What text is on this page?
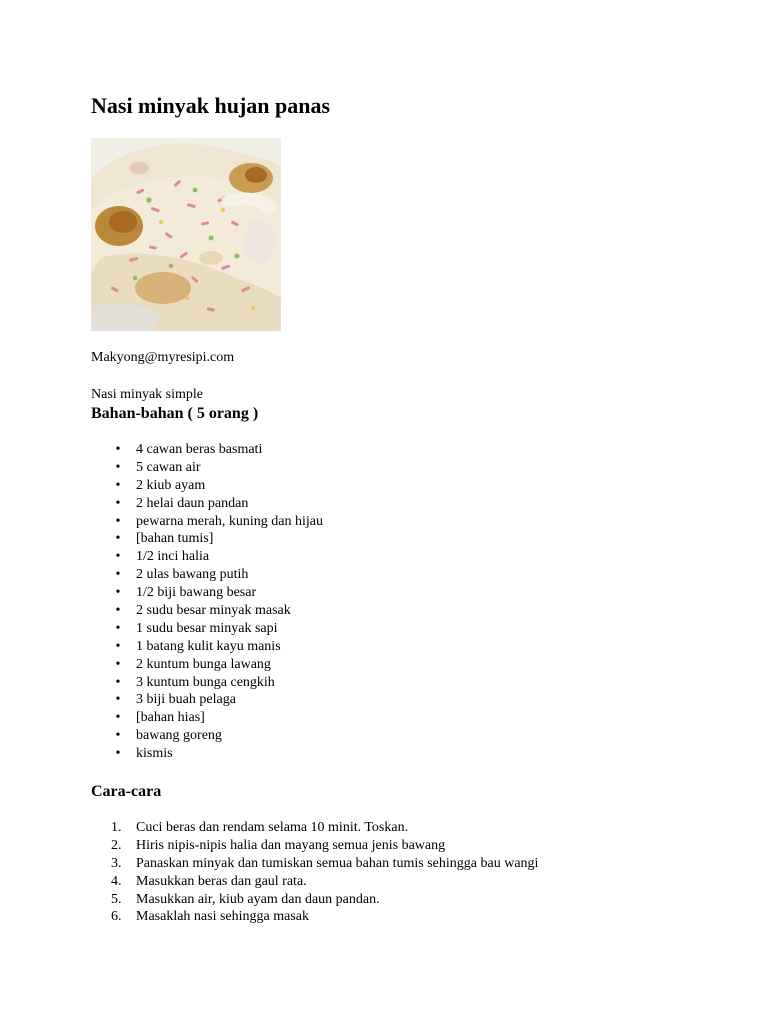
Nasi minyak hujan panas
Makyong@myresipi.com
Nasi minyak simple
Bahan-bahan ( 5 orang )
• 4 cawan beras basmati
• 5 cawan air
• 2 kiub ayam
• 2 helai daun pandan
• pewarna merah, kuning dan hijau
• [bahan tumis]
• 1/2 inci halia
• 2 ulas bawang putih
• 1/2 biji bawang besar
• 2 sudu besar minyak masak
• 1 sudu besar minyak sapi
• 1 batang kulit kayu manis
• 2 kuntum bunga lawang
• 3 kuntum bunga cengkih
• 3 biji buah pelaga
• [bahan hias]
• bawang goreng
• kismis
Cara-cara
1.	Cuci beras dan rendam selama 10 minit. Toskan.
2.	Hiris nipis-nipis halia dan mayang semua jenis bawang
3.	Panaskan minyak dan tumiskan semua bahan tumis sehingga bau wangi
4.	Masukkan beras dan gaul rata.
5.	Masukkan air, kiub ayam dan daun pandan.
6.	Masaklah nasi sehingga masak
